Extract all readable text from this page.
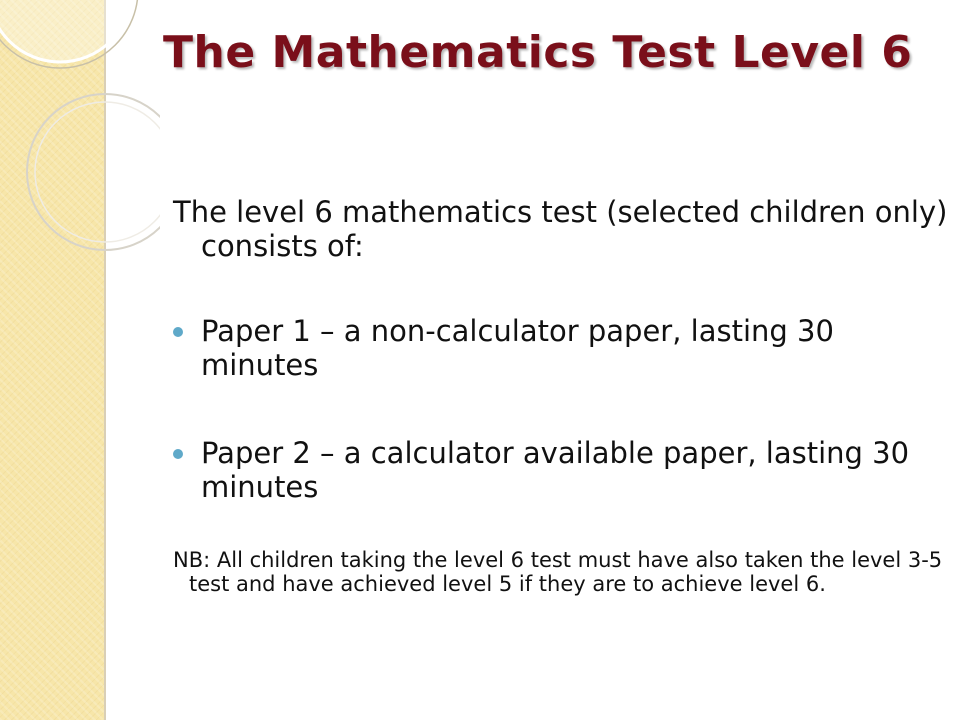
The Mathematics Test Level 6

The level 6 mathematics test (selected children only) consists of:

Paper 1 – a non-calculator paper, lasting 30 minutes
Paper 2 – a calculator available paper, lasting 30 minutes

NB: All children taking the level 6 test must have also taken the level 3-5 test and have achieved level 5 if they are to achieve level 6.
